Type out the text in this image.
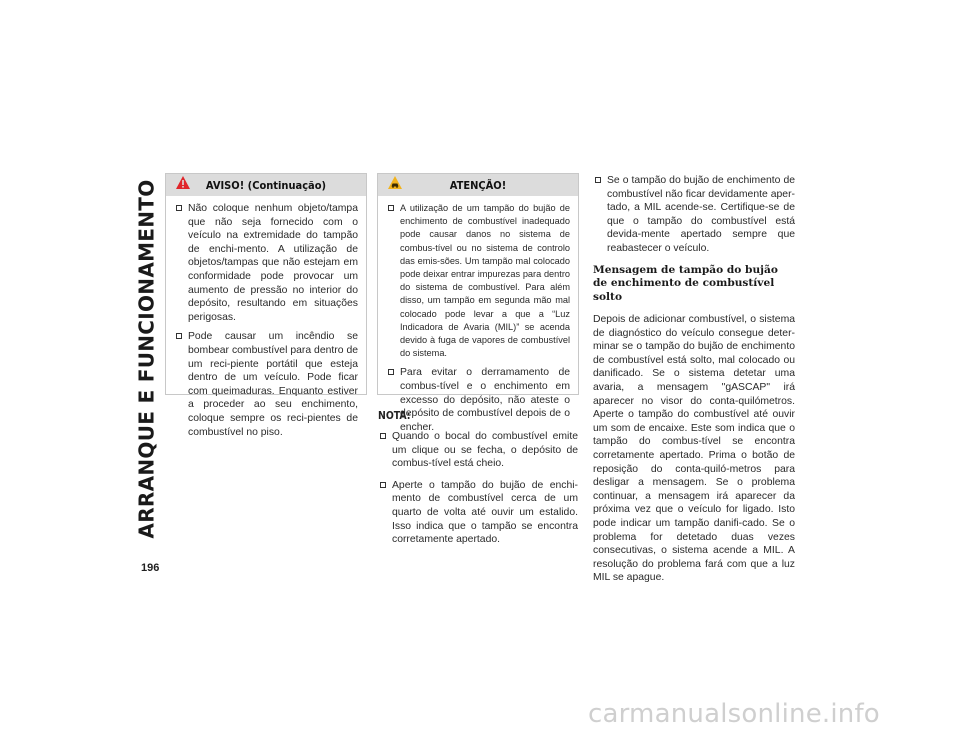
ARRANQUE E FUNCIONAMENTO
196
AVISO! (Continuação)
Não coloque nenhum objeto/tampa que não seja fornecido com o veículo na extremidade do tampão de enchi-mento. A utilização de objetos/tampas que não estejam em conformidade pode provocar um aumento de pressão no interior do depósito, resultando em situações perigosas.
Pode causar um incêndio se bombear combustível para dentro de um reci-piente portátil que esteja dentro de um veículo. Pode ficar com queimaduras. Enquanto estiver a proceder ao seu enchimento, coloque sempre os reci-pientes de combustível no piso.
ATENÇÃO!
A utilização de um tampão do bujão de enchimento de combustível inadequado pode causar danos no sistema de combus-tível ou no sistema de controlo das emis-sões. Um tampão mal colocado pode deixar entrar impurezas para dentro do sistema de combustível. Para além disso, um tampão em segunda mão mal colocado pode levar a que a “Luz Indicadora de Avaria (MIL)” se acenda devido à fuga de vapores de combustível do sistema.
Para evitar o derramamento de combus-tível e o enchimento em excesso do depósito, não ateste o depósito de combustível depois de o encher.
NOTA:
Quando o bocal do combustível emite um clique ou se fecha, o depósito de combus-tível está cheio.
Aperte o tampão do bujão de enchi-mento de combustível cerca de um quarto de volta até ouvir um estalido. Isso indica que o tampão se encontra corretamente apertado.
Se o tampão do bujão de enchimento de combustível não ficar devidamente aper-tado, a MIL acende-se. Certifique-se de que o tampão do combustível está devida-mente apertado sempre que reabastecer o veículo.
Mensagem de tampão do bujão de enchimento de combustível solto

Depois de adicionar combustível, o sistema de diagnóstico do veículo consegue deter-minar se o tampão do bujão de enchimento de combustível está solto, mal colocado ou danificado. Se o sistema detetar uma avaria, a mensagem "gASCAP" irá aparecer no visor do conta-quilómetros. Aperte o tampão do combustível até ouvir um som de encaixe. Este som indica que o tampão do combus-tível se encontra corretamente apertado. Prima o botão de reposição do conta-quiló-metros para desligar a mensagem. Se o problema continuar, a mensagem irá aparecer da próxima vez que o veículo for ligado. Isto pode indicar um tampão danifi-cado. Se o problema for detetado duas vezes consecutivas, o sistema acende a MIL. A resolução do problema fará com que a luz MIL se apague.

carmanualsonline.info
